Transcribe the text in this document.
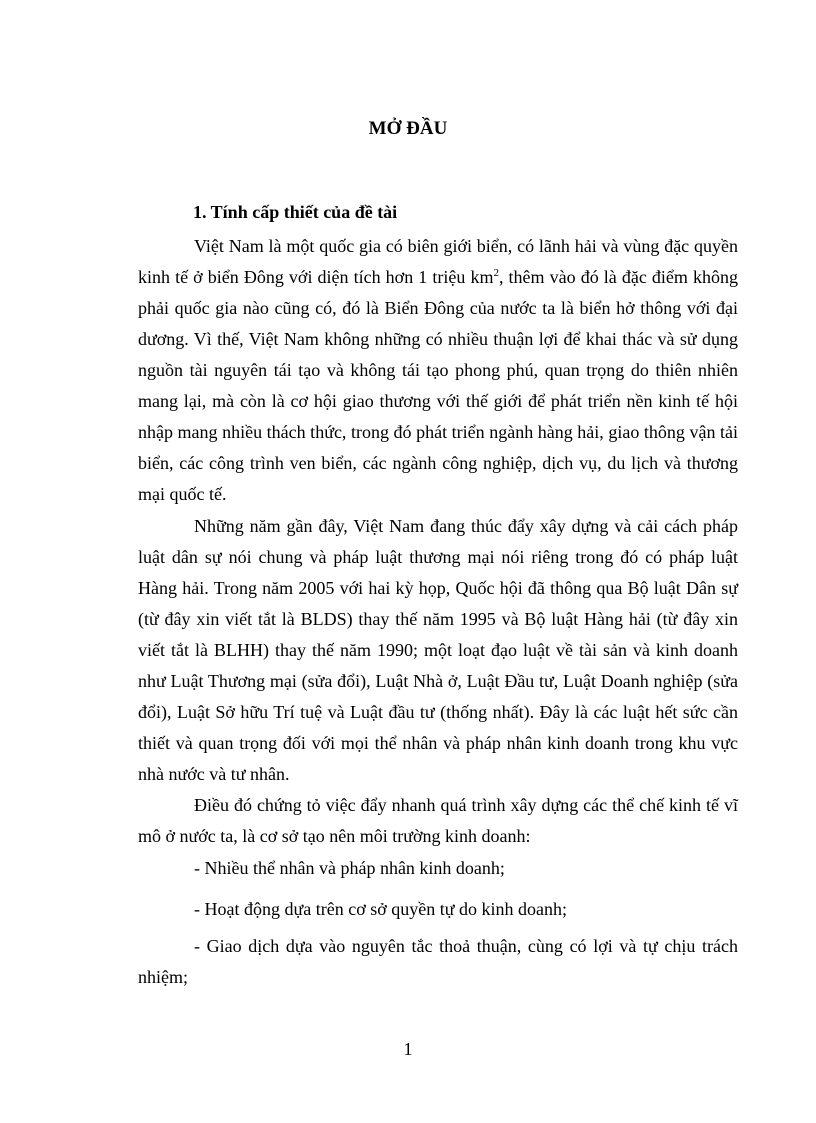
MỞ ĐẦU
1. Tính cấp thiết của đề tài

Việt Nam là một quốc gia có biên giới biển, có lãnh hải và vùng đặc quyền kinh tế ở biển Đông với diện tích hơn 1 triệu $km^2$, thêm vào đó là đặc điểm không phải quốc gia nào cũng có, đó là Biển Đông của nước ta là biển hở thông với đại dương. Vì thế, Việt Nam không những có nhiều thuận lợi để khai thác và sử dụng nguồn tài nguyên tái tạo và không tái tạo phong phú, quan trọng do thiên nhiên mang lại, mà còn là cơ hội giao thương với thế giới để phát triển nền kinh tế hội nhập mang nhiều thách thức, trong đó phát triển ngành hàng hải, giao thông vận tải biển, các công trình ven biển, các ngành công nghiệp, dịch vụ, du lịch và thương mại quốc tế.

Những năm gần đây, Việt Nam đang thúc đẩy xây dựng và cải cách pháp luật dân sự nói chung và pháp luật thương mại nói riêng trong đó có pháp luật Hàng hải. Trong năm 2005 với hai kỳ họp, Quốc hội đã thông qua Bộ luật Dân sự (từ đây xin viết tắt là BLDS) thay thế năm 1995 và Bộ luật Hàng hải (từ đây xin viết tắt là BLHH) thay thế năm 1990; một loạt đạo luật về tài sản và kinh doanh như Luật Thương mại (sửa đổi), Luật Nhà ở, Luật Đầu tư, Luật Doanh nghiệp (sửa đổi), Luật Sở hữu Trí tuệ và Luật đầu tư (thống nhất). Đây là các luật hết sức cần thiết và quan trọng đối với mọi thể nhân và pháp nhân kinh doanh trong khu vực nhà nước và tư nhân.

Điều đó chứng tỏ việc đẩy nhanh quá trình xây dựng các thể chế kinh tế vĩ mô ở nước ta, là cơ sở tạo nên môi trường kinh doanh:

- Nhiều thể nhân và pháp nhân kinh doanh;

- Hoạt động dựa trên cơ sở quyền tự do kinh doanh;

- Giao dịch dựa vào nguyên tắc thoả thuận, cùng có lợi và tự chịu trách nhiệm;

1
